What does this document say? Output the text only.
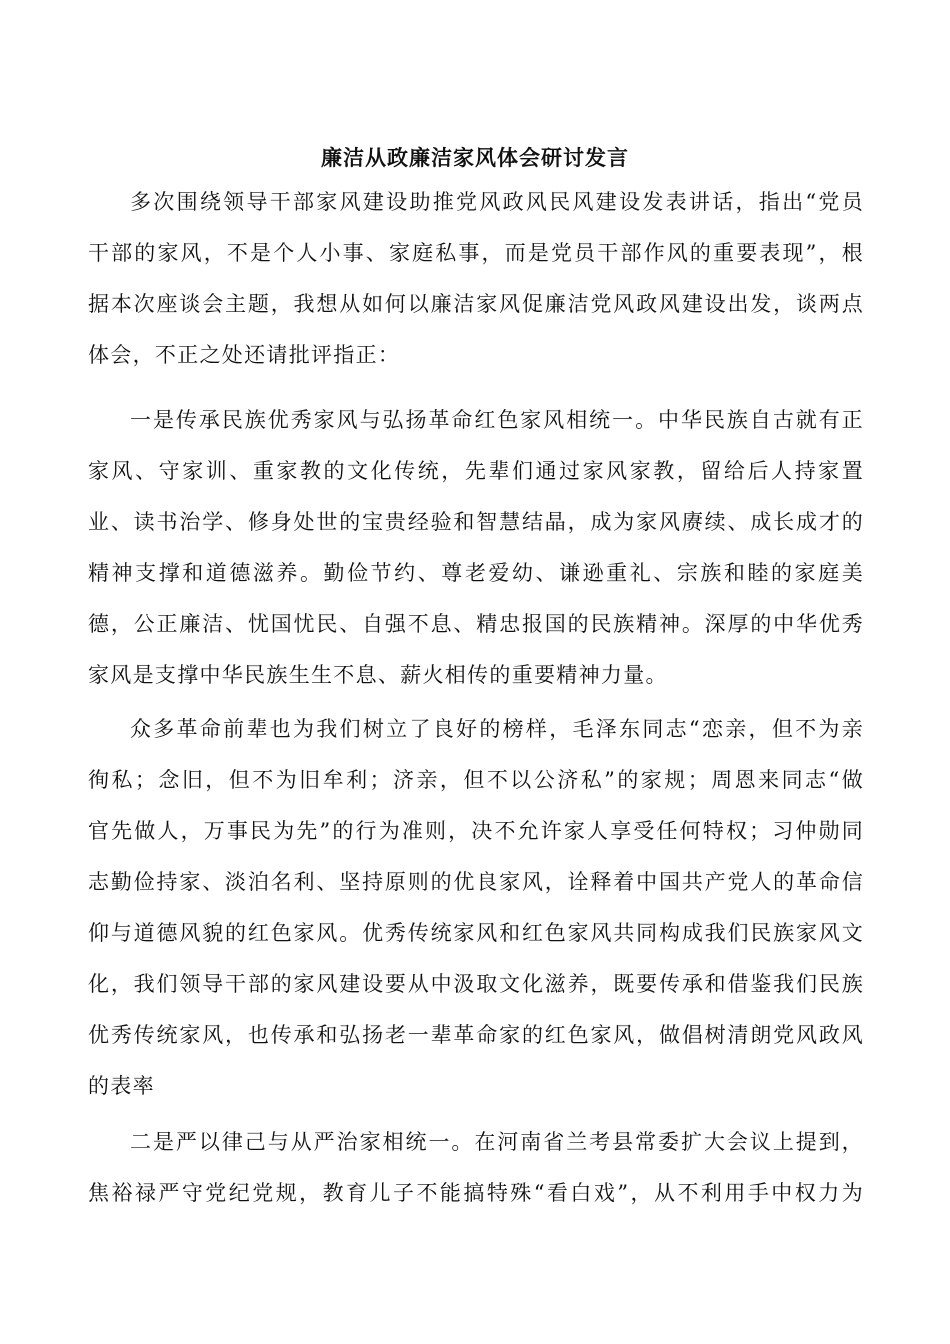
廉洁从政廉洁家风体会研讨发言
多次围绕领导干部家风建设助推党风政风民风建设发表讲话，指出“党员
干部的家风，不是个人小事、家庭私事，而是党员干部作风的重要表现”，根
据本次座谈会主题，我想从如何以廉洁家风促廉洁党风政风建设出发，谈两点
体会，不正之处还请批评指正：
一是传承民族优秀家风与弘扬革命红色家风相统一。中华民族自古就有正
家风、守家训、重家教的文化传统，先辈们通过家风家教，留给后人持家置
业、读书治学、修身处世的宝贵经验和智慧结晶，成为家风赓续、成长成才的
精神支撑和道德滋养。勤俭节约、尊老爱幼、谦逊重礼、宗族和睦的家庭美
德，公正廉洁、忧国忧民、自强不息、精忠报国的民族精神。深厚的中华优秀
家风是支撑中华民族生生不息、薪火相传的重要精神力量。
众多革命前辈也为我们树立了良好的榜样，毛泽东同志“恋亲，但不为亲
徇私；念旧，但不为旧牟利；济亲，但不以公济私”的家规；周恩来同志“做
官先做人，万事民为先”的行为准则，决不允许家人享受任何特权；习仲勋同
志勤俭持家、淡泊名利、坚持原则的优良家风，诠释着中国共产党人的革命信
仰与道德风貌的红色家风。优秀传统家风和红色家风共同构成我们民族家风文
化，我们领导干部的家风建设要从中汲取文化滋养，既要传承和借鉴我们民族
优秀传统家风，也传承和弘扬老一辈革命家的红色家风，做倡树清朗党风政风
的表率
二是严以律己与从严治家相统一。在河南省兰考县常委扩大会议上提到，
焦裕禄严守党纪党规，教育儿子不能搞特殊“看白戏”，从不利用手中权力为
